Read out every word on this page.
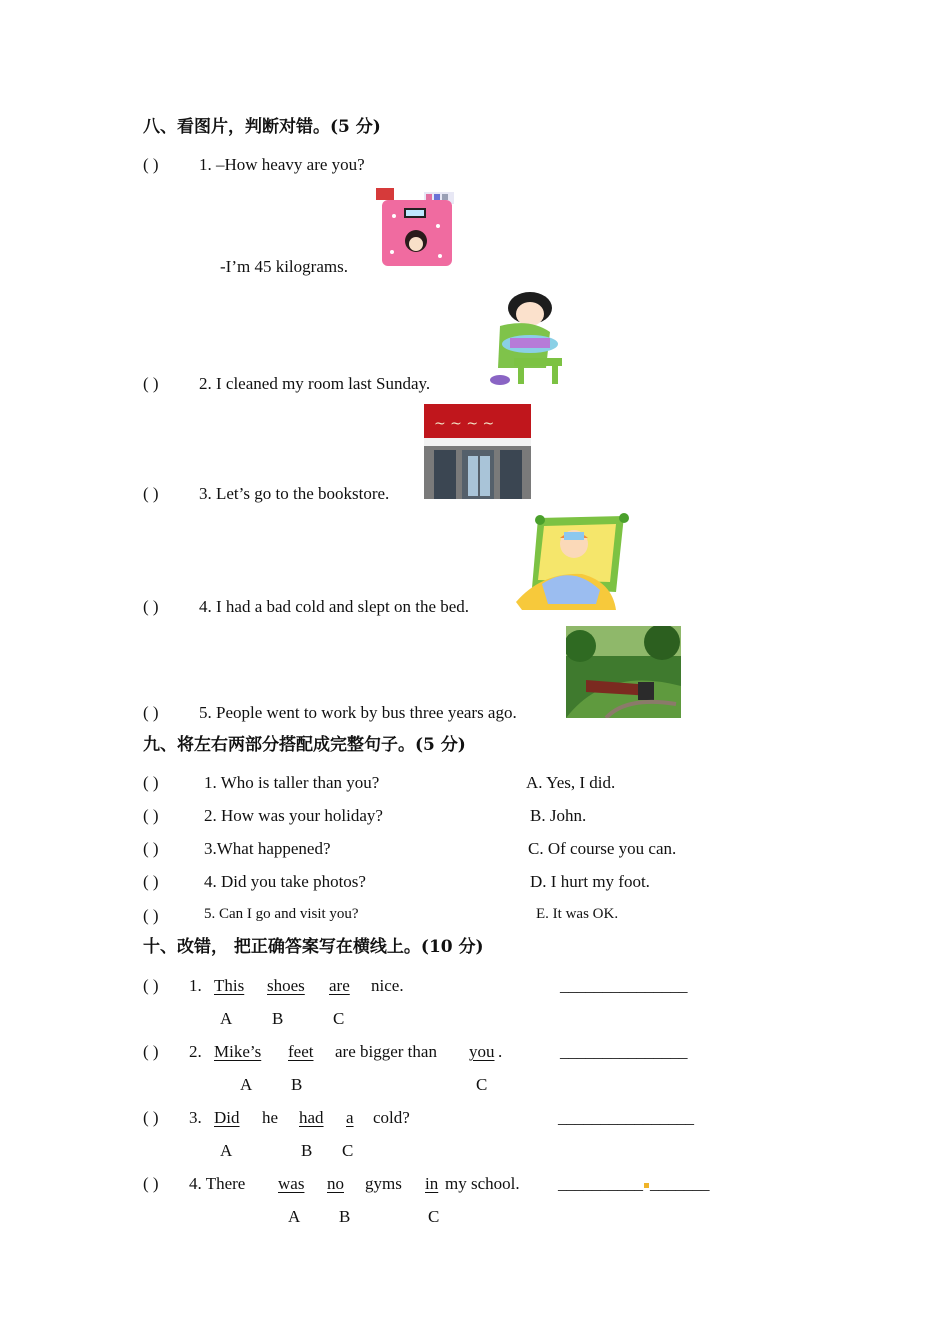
八、看图片，判断对错。(5 分)
( ) 1. –How heavy are you?
-I’m 45 kilograms.
( ) 2. I cleaned my room last Sunday.
( ) 3. Let’s go to the bookstore.
~ ~ ~ ~
( ) 4. I had a bad cold and slept on the bed.
( ) 5. People went to work by bus three years ago.
九、将左右两部分搭配成完整句子。(5 分)
( )	1. Who is taller than you?	A. Yes, I did.
( )	2. How was your holiday?	B. John.
( )	3.What happened?	C. Of course you can.
( )	4. Did you take photos?	D. I hurt my foot.
( )	5. Can I go and visit you?	E. It was OK.
十、改错， 把正确答案写在横线上。(10 分)
( ) 1. This shoes are nice.	_______________
A B	C
( ) 2. Mike’s feet are bigger than you .	_______________
A B	C
( ) 3. Did he had a cold?	________________
A	B C
( ) 4. There was no gyms in my school. __________ _______
A B	C
